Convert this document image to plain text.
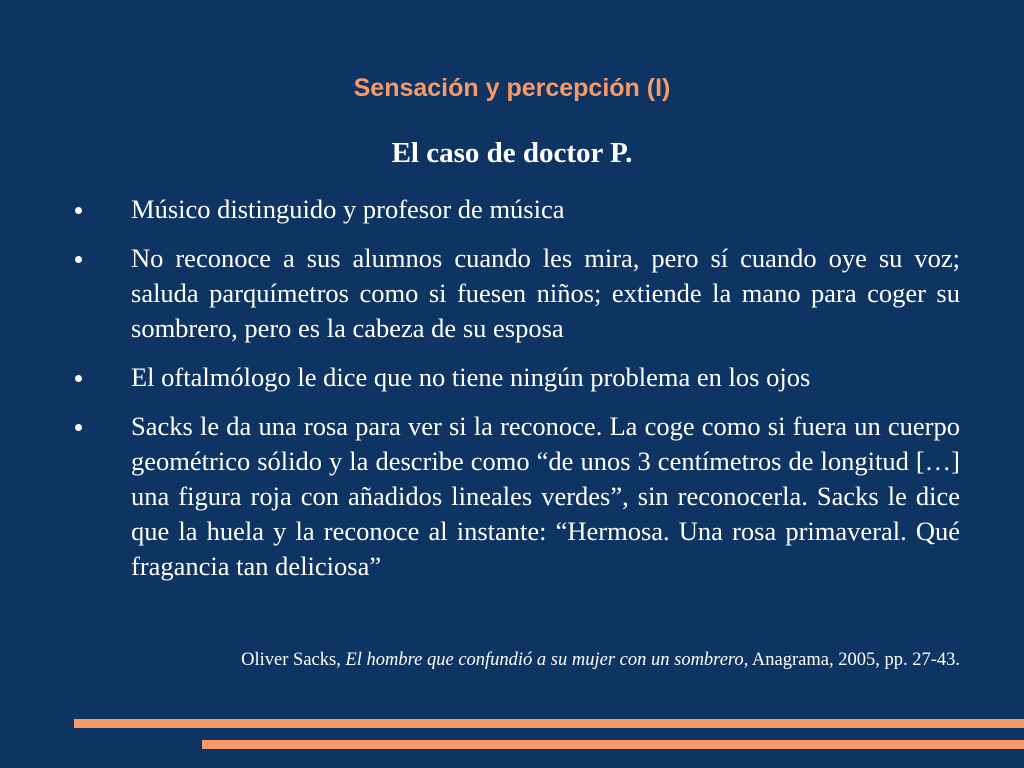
Sensación y percepción (I)
El caso de doctor P.
Músico distinguido y profesor de música
No reconoce a sus alumnos cuando les mira, pero sí cuando oye su voz; saluda parquímetros como si fuesen niños; extiende la mano para coger su sombrero, pero es la cabeza de su esposa
El oftalmólogo le dice que no tiene ningún problema en los ojos
Sacks le da una rosa para ver si la reconoce. La coge como si fuera un cuerpo geométrico sólido y la describe como “de unos 3 centímetros de longitud […] una figura roja con añadidos lineales verdes”, sin reconocerla. Sacks le dice que la huela y la reconoce al instante: “Hermosa. Una rosa primaveral. Qué fragancia tan deliciosa”

Oliver Sacks, El hombre que confundió a su mujer con un sombrero, Anagrama, 2005, pp. 27-43.
